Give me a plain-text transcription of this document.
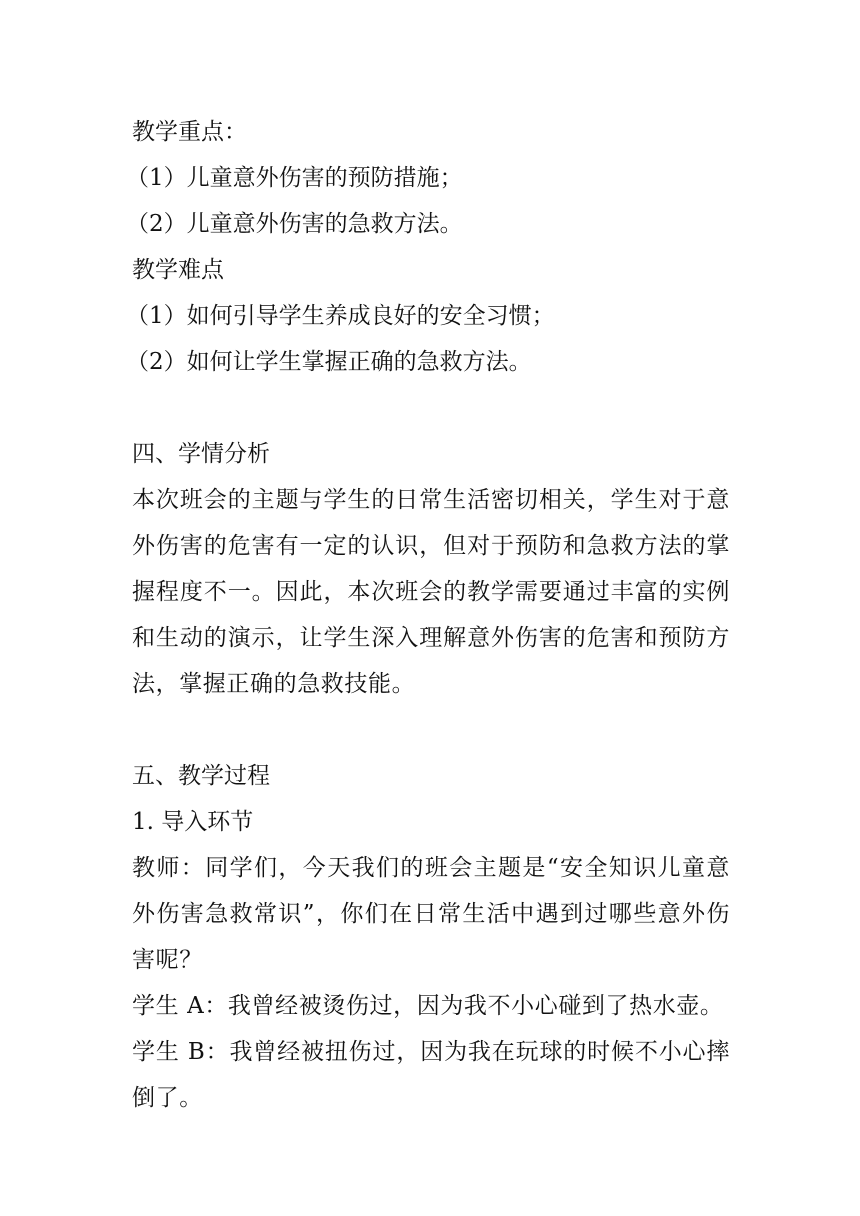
教学重点：
（1）儿童意外伤害的预防措施；
（2）儿童意外伤害的急救方法。
教学难点
（1）如何引导学生养成良好的安全习惯；
（2）如何让学生掌握正确的急救方法。
四、学情分析
本次班会的主题与学生的日常生活密切相关，学生对于意外伤害的危害有一定的认识，但对于预防和急救方法的掌握程度不一。因此，本次班会的教学需要通过丰富的实例和生动的演示，让学生深入理解意外伤害的危害和预防方法，掌握正确的急救技能。
五、教学过程
1. 导入环节
教师：同学们，今天我们的班会主题是“安全知识儿童意外伤害急救常识”，你们在日常生活中遇到过哪些意外伤害呢？
学生 A：我曾经被烫伤过，因为我不小心碰到了热水壶。
学生 B：我曾经被扭伤过，因为我在玩球的时候不小心摔倒了。
